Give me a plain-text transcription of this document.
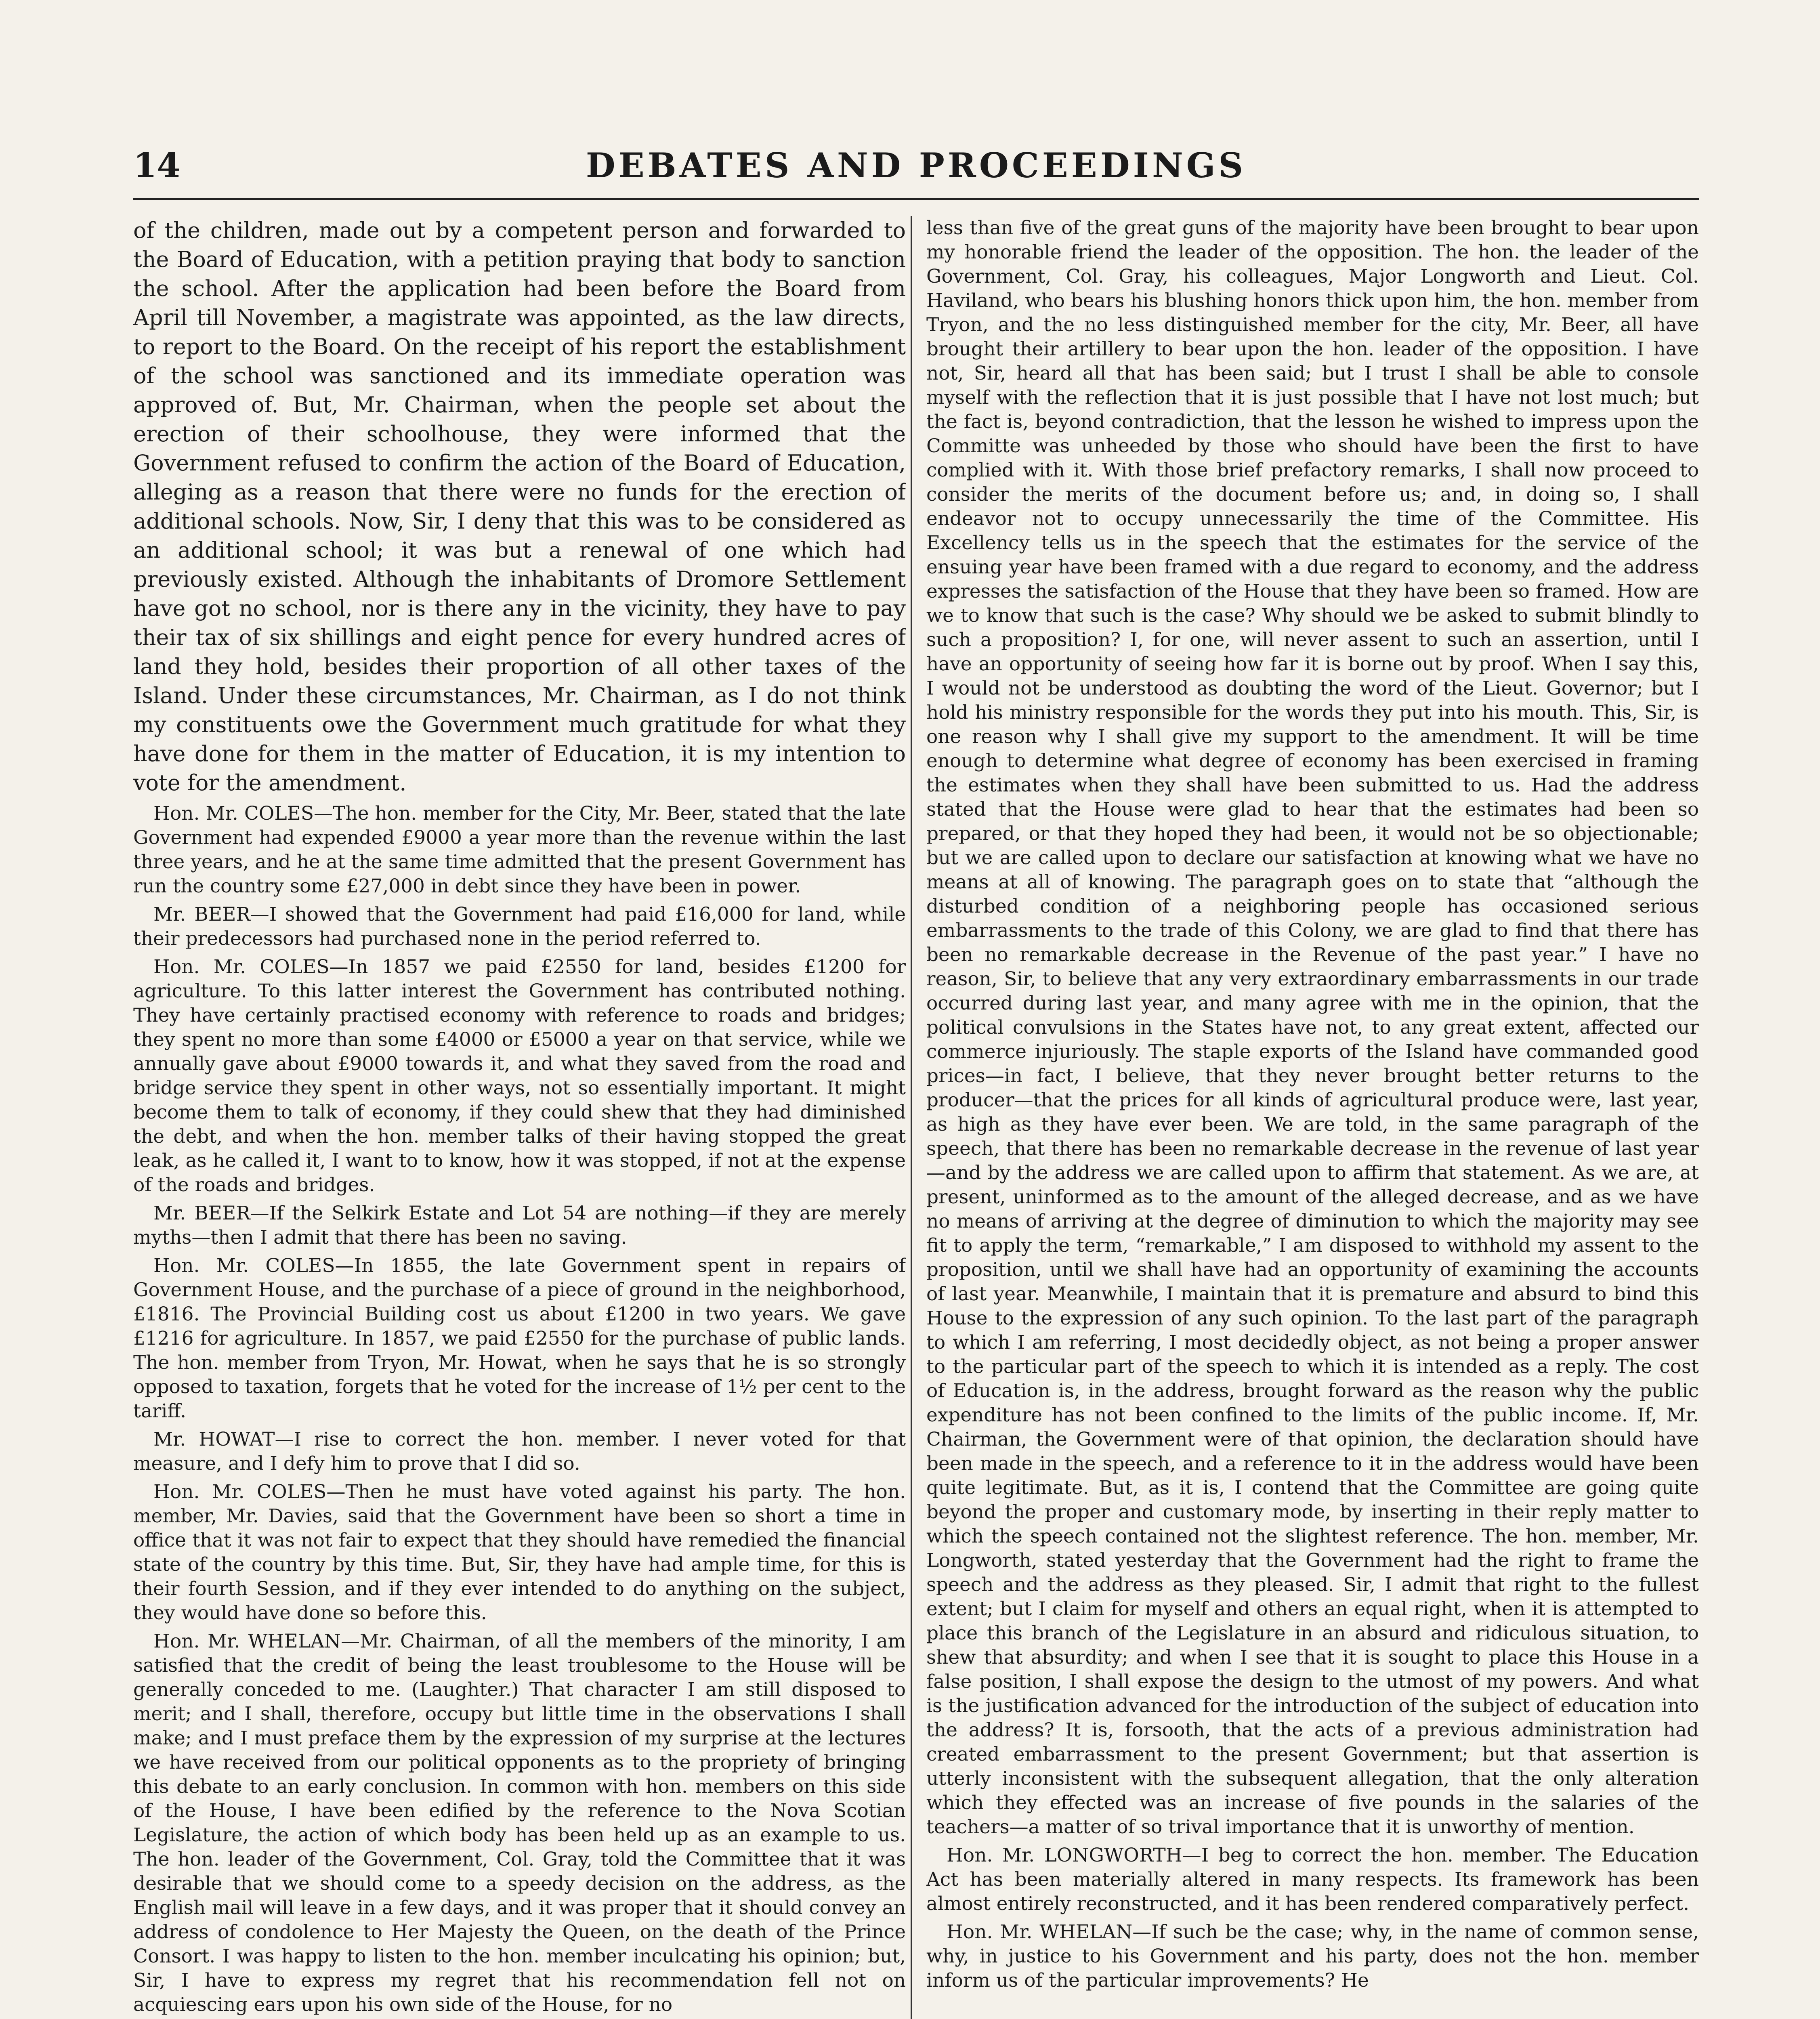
14	DEBATES AND PROCEEDINGS

of the children, made out by a competent person and forwarded to the Board of Education, with a petition praying that body to sanction the school. After the application had been before the Board from April till November, a magistrate was appointed, as the law directs, to report to the Board. On the receipt of his report the establishment of the school was sanctioned and its immediate operation was approved of. But, Mr. Chairman, when the people set about the erection of their schoolhouse, they were informed that the Government refused to confirm the action of the Board of Education, alleging as a reason that there were no funds for the erection of additional schools. Now, Sir, I deny that this was to be considered as an additional school; it was but a renewal of one which had previously existed. Although the inhabitants of Dromore Settlement have got no school, nor is there any in the vicinity, they have to pay their tax of six shillings and eight pence for every hundred acres of land they hold, besides their proportion of all other taxes of the Island. Under these circumstances, Mr. Chairman, as I do not think my constituents owe the Government much gratitude for what they have done for them in the matter of Education, it is my intention to vote for the amendment.

Hon. Mr. COLES—The hon. member for the City, Mr. Beer, stated that the late Government had expended £9000 a year more than the revenue within the last three years, and he at the same time admitted that the present Government has run the country some £27,000 in debt since they have been in power.

Mr. BEER—I showed that the Government had paid £16,000 for land, while their predecessors had purchased none in the period referred to.

Hon. Mr. COLES—In 1857 we paid £2550 for land, besides £1200 for agriculture. To this latter interest the Government has contributed nothing. They have certainly practised economy with reference to roads and bridges; they spent no more than some £4000 or £5000 a year on that service, while we annually gave about £9000 towards it, and what they saved from the road and bridge service they spent in other ways, not so essentially important. It might become them to talk of economy, if they could shew that they had diminished the debt, and when the hon. member talks of their having stopped the great leak, as he called it, I want to to know, how it was stopped, if not at the expense of the roads and bridges.

Mr. BEER—If the Selkirk Estate and Lot 54 are nothing—if they are merely myths—then I admit that there has been no saving.

Hon. Mr. COLES—In 1855, the late Government spent in repairs of Government House, and the purchase of a piece of ground in the neighborhood, £1816. The Provincial Building cost us about £1200 in two years. We gave £1216 for agriculture. In 1857, we paid £2550 for the purchase of public lands. The hon. member from Tryon, Mr. Howat, when he says that he is so strongly opposed to taxation, forgets that he voted for the increase of 1½ per cent to the tariff.

Mr. HOWAT—I rise to correct the hon. member. I never voted for that measure, and I defy him to prove that I did so.

Hon. Mr. COLES—Then he must have voted against his party. The hon. member, Mr. Davies, said that the Government have been so short a time in office that it was not fair to expect that they should have remedied the financial state of the country by this time. But, Sir, they have had ample time, for this is their fourth Session, and if they ever intended to do anything on the subject, they would have done so before this.

Hon. Mr. WHELAN—Mr. Chairman, of all the members of the minority, I am satisfied that the credit of being the least troublesome to the House will be generally conceded to me. (Laughter.) That character I am still disposed to merit; and I shall, therefore, occupy but little time in the observations I shall make; and I must preface them by the expression of my surprise at the lectures we have received from our political opponents as to the propriety of bringing this debate to an early conclusion. In common with hon. members on this side of the House, I have been edified by the reference to the Nova Scotian Legislature, the action of which body has been held up as an example to us. The hon. leader of the Government, Col. Gray, told the Committee that it was desirable that we should come to a speedy decision on the address, as the English mail will leave in a few days, and it was proper that it should convey an address of condolence to Her Majesty the Queen, on the death of the Prince Consort. I was happy to listen to the hon. member inculcating his opinion; but, Sir, I have to express my regret that his recommendation fell not on acquiescing ears upon his own side of the House, for no

less than five of the great guns of the majority have been brought to bear upon my honorable friend the leader of the opposition. The hon. the leader of the Government, Col. Gray, his colleagues, Major Longworth and Lieut. Col. Haviland, who bears his blushing honors thick upon him, the hon. member from Tryon, and the no less distinguished member for the city, Mr. Beer, all have brought their artillery to bear upon the hon. leader of the opposition. I have not, Sir, heard all that has been said; but I trust I shall be able to console myself with the reflection that it is just possible that I have not lost much; but the fact is, beyond contradiction, that the lesson he wished to impress upon the Committe was unheeded by those who should have been the first to have complied with it. With those brief prefactory remarks, I shall now proceed to consider the merits of the document before us; and, in doing so, I shall endeavor not to occupy unnecessarily the time of the Committee. His Excellency tells us in the speech that the estimates for the service of the ensuing year have been framed with a due regard to economy, and the address expresses the satisfaction of the House that they have been so framed. How are we to know that such is the case? Why should we be asked to submit blindly to such a proposition? I, for one, will never assent to such an assertion, until I have an opportunity of seeing how far it is borne out by proof. When I say this, I would not be understood as doubting the word of the Lieut. Governor; but I hold his ministry responsible for the words they put into his mouth. This, Sir, is one reason why I shall give my support to the amendment. It will be time enough to determine what degree of economy has been exercised in framing the estimates when they shall have been submitted to us. Had the address stated that the House were glad to hear that the estimates had been so prepared, or that they hoped they had been, it would not be so objectionable; but we are called upon to declare our satisfaction at knowing what we have no means at all of knowing. The paragraph goes on to state that “although the disturbed condition of a neighboring people has occasioned serious embarrassments to the trade of this Colony, we are glad to find that there has been no remarkable decrease in the Revenue of the past year.” I have no reason, Sir, to believe that any very extraordinary embarrassments in our trade occurred during last year, and many agree with me in the opinion, that the political convulsions in the States have not, to any great extent, affected our commerce injuriously. The staple exports of the Island have commanded good prices—in fact, I believe, that they never brought better returns to the producer—that the prices for all kinds of agricultural produce were, last year, as high as they have ever been. We are told, in the same paragraph of the speech, that there has been no remarkable decrease in the revenue of last year—and by the address we are called upon to affirm that statement. As we are, at present, uninformed as to the amount of the alleged decrease, and as we have no means of arriving at the degree of diminution to which the majority may see fit to apply the term, “remarkable,” I am disposed to withhold my assent to the proposition, until we shall have had an opportunity of examining the accounts of last year. Meanwhile, I maintain that it is premature and absurd to bind this House to the expression of any such opinion. To the last part of the paragraph to which I am referring, I most decidedly object, as not being a proper answer to the particular part of the speech to which it is intended as a reply. The cost of Education is, in the address, brought forward as the reason why the public expenditure has not been confined to the limits of the public income. If, Mr. Chairman, the Government were of that opinion, the declaration should have been made in the speech, and a reference to it in the address would have been quite legitimate. But, as it is, I contend that the Committee are going quite beyond the proper and customary mode, by inserting in their reply matter to which the speech contained not the slightest reference. The hon. member, Mr. Longworth, stated yesterday that the Government had the right to frame the speech and the address as they pleased. Sir, I admit that right to the fullest extent; but I claim for myself and others an equal right, when it is attempted to place this branch of the Legislature in an absurd and ridiculous situation, to shew that absurdity; and when I see that it is sought to place this House in a false position, I shall expose the design to the utmost of my powers. And what is the justification advanced for the introduction of the subject of education into the address? It is, forsooth, that the acts of a previous administration had created embarrassment to the present Government; but that assertion is utterly inconsistent with the subsequent allegation, that the only alteration which they effected was an increase of five pounds in the salaries of the teachers—a matter of so trival importance that it is unworthy of mention.

Hon. Mr. LONGWORTH—I beg to correct the hon. member. The Education Act has been materially altered in many respects. Its framework has been almost entirely reconstructed, and it has been rendered comparatively perfect.

Hon. Mr. WHELAN—If such be the case; why, in the name of common sense, why, in justice to his Government and his party, does not the hon. member inform us of the particular improvements? He
